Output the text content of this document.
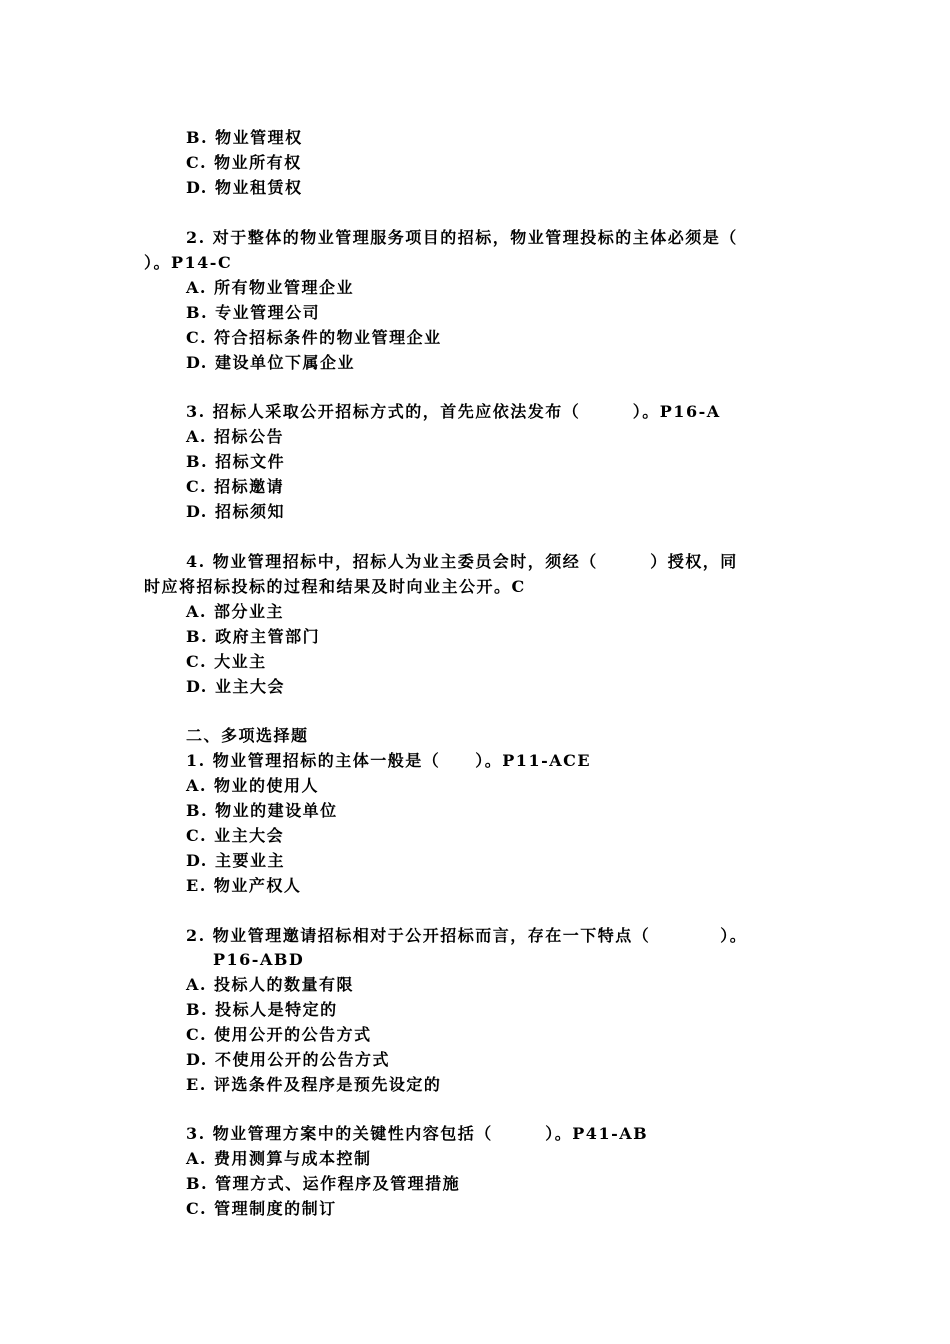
B. 物业管理权
C. 物业所有权
D. 物业租赁权
2. 对于整体的物业管理服务项目的招标，物业管理投标的主体必须是（
）。P14-C
A. 所有物业管理企业
B. 专业管理公司
C. 符合招标条件的物业管理企业
D. 建设单位下属企业
3. 招标人采取公开招标方式的，首先应依法发布（　　　）。P16-A
A. 招标公告
B. 招标文件
C. 招标邀请
D. 招标须知
4. 物业管理招标中，招标人为业主委员会时，须经（　　　）授权，同
时应将招标投标的过程和结果及时向业主公开。C
A. 部分业主
B. 政府主管部门
C. 大业主
D. 业主大会
二、多项选择题
1. 物业管理招标的主体一般是（　　）。P11-ACE
A. 物业的使用人
B. 物业的建设单位
C. 业主大会
D. 主要业主
E. 物业产权人
2. 物业管理邀请招标相对于公开招标而言，存在一下特点（　　　　）。
P16-ABD
A. 投标人的数量有限
B. 投标人是特定的
C. 使用公开的公告方式
D. 不使用公开的公告方式
E. 评选条件及程序是预先设定的
3. 物业管理方案中的关键性内容包括（　　　）。P41-AB
A. 费用测算与成本控制
B. 管理方式、运作程序及管理措施
C. 管理制度的制订
